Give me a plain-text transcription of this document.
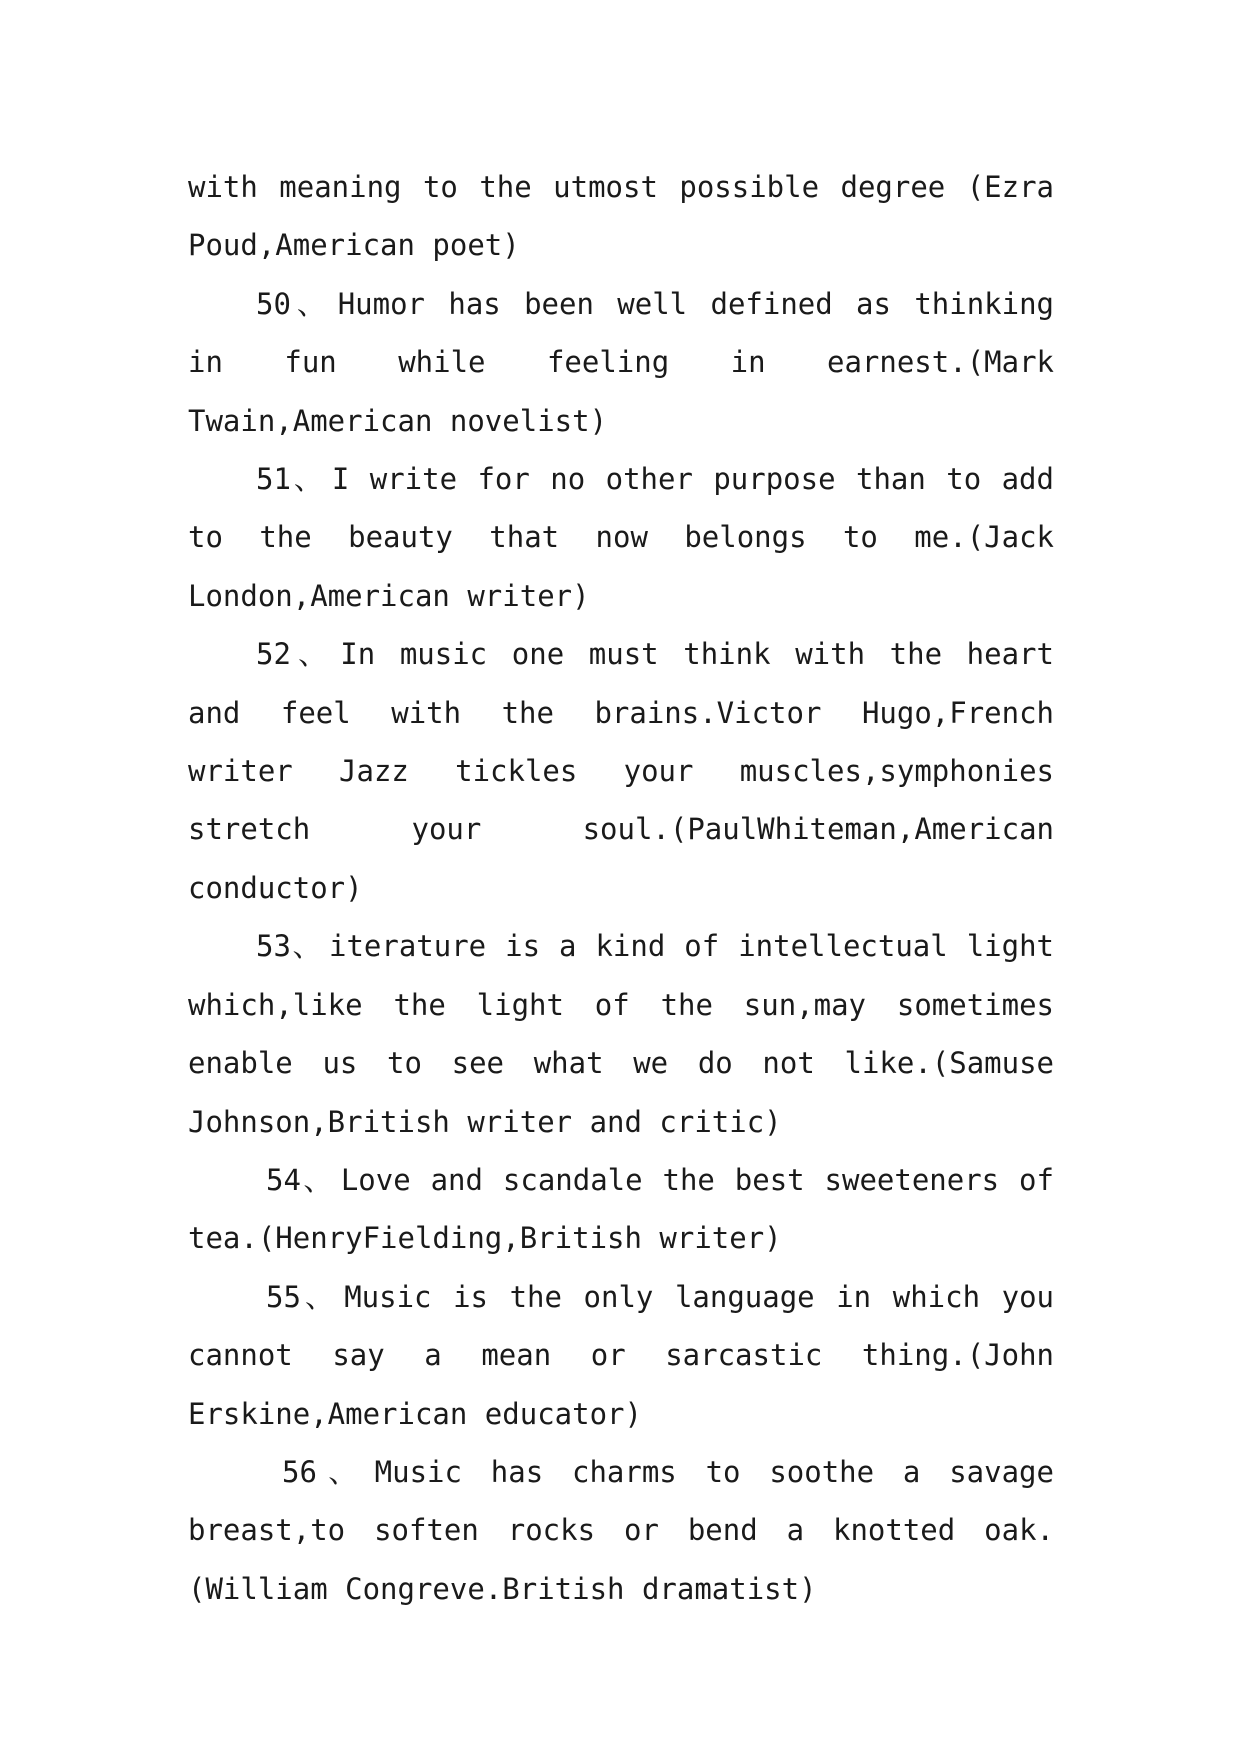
with meaning to the utmost possible degree (Ezra Poud,American poet)

50 、 Humor has been well defined as thinking in fun while feeling in earnest.(Mark Twain,American novelist)

51 、 I write for no other purpose than to add to the beauty that now belongs to me.(Jack London,American writer)

52 、 In music one must think with the heart and feel with the brains.Victor Hugo,French writer Jazz tickles your muscles,symphonies stretch your soul.(PaulWhiteman,American conductor)

53 、 iterature is a kind of intellectual light which,like the light of the sun,may sometimes enable us to see what we do not like.(Samuse Johnson,British writer and critic)

54 、 Love and scandale the best sweeteners of tea.(HenryFielding,British writer)

55 、 Music is the only language in which you cannot say a mean or sarcastic thing.(John Erskine,American educator)

56 、 Music has charms to soothe a savage breast,to soften rocks or bend a knotted oak.(William Congreve.British dramatist)
